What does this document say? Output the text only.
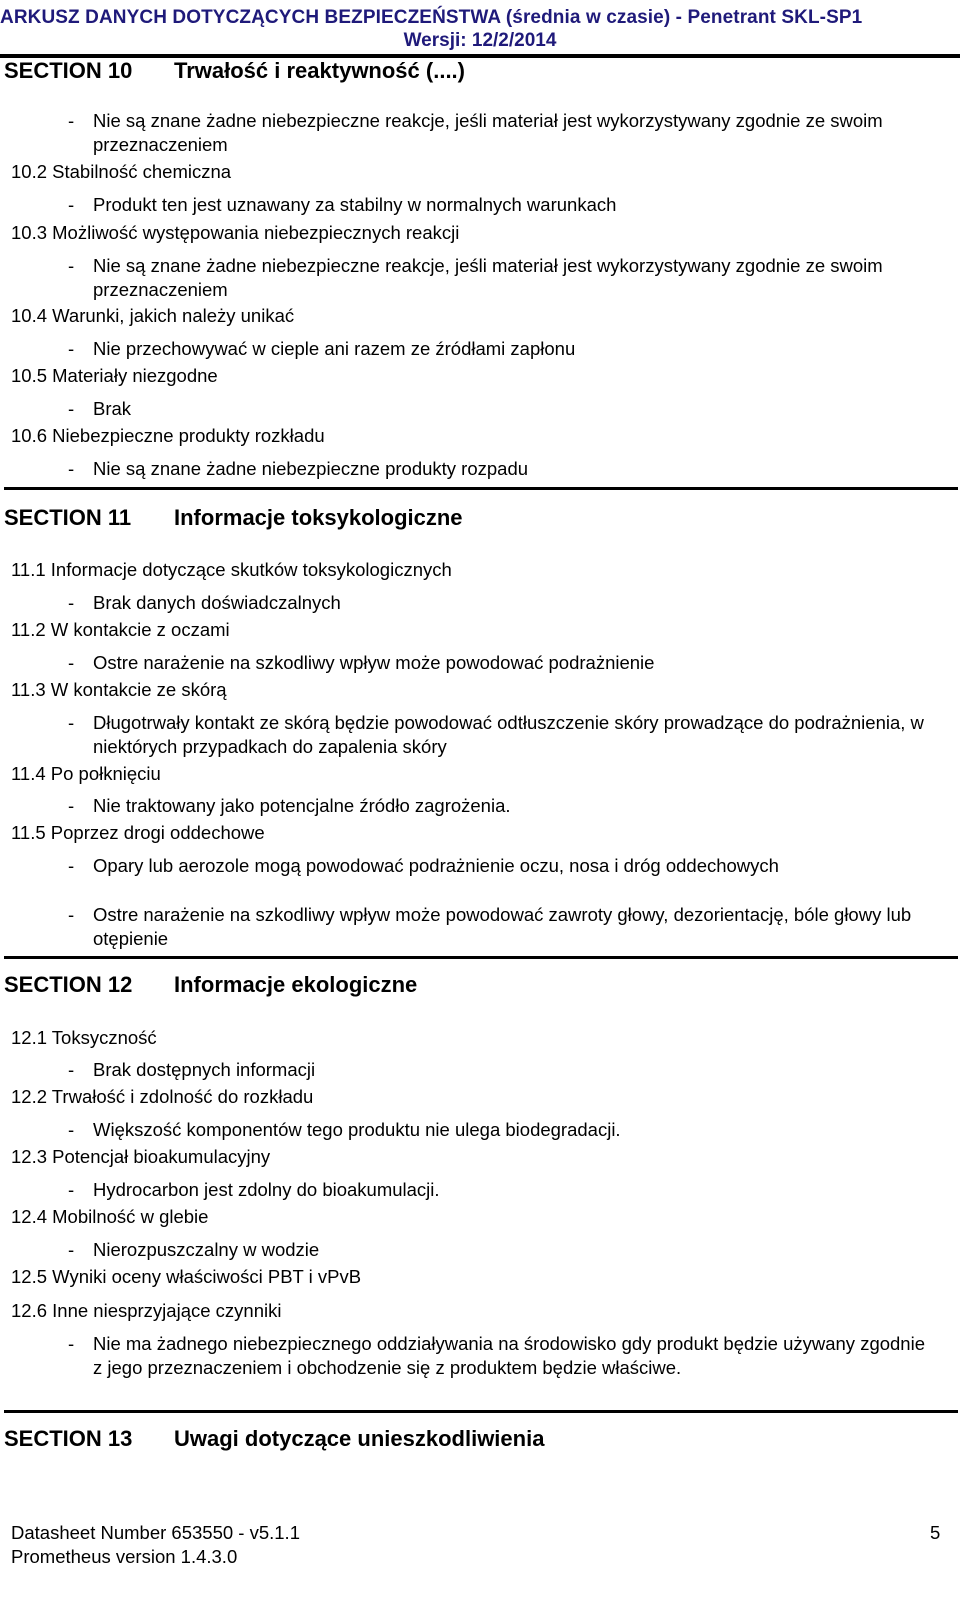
ARKUSZ DANYCH DOTYCZĄCYCH BEZPIECZEŃSTWA (średnia w czasie) - Penetrant SKL-SP1
Wersji: 12/2/2014
SECTION 10 Trwałość i reaktywność (....)
- Nie są znane żadne niebezpieczne reakcje, jeśli materiał jest wykorzystywany zgodnie ze swoim przeznaczeniem
10.2 Stabilność chemiczna
- Produkt ten jest uznawany za stabilny w normalnych warunkach
10.3 Możliwość występowania niebezpiecznych reakcji
- Nie są znane żadne niebezpieczne reakcje, jeśli materiał jest wykorzystywany zgodnie ze swoim przeznaczeniem
10.4 Warunki, jakich należy unikać
- Nie przechowywać w cieple ani razem ze źródłami zapłonu
10.5 Materiały niezgodne
- Brak
10.6 Niebezpieczne produkty rozkładu
- Nie są znane żadne niebezpieczne produkty rozpadu
SECTION 11 Informacje toksykologiczne
11.1 Informacje dotyczące skutków toksykologicznych
- Brak danych doświadczalnych
11.2 W kontakcie z oczami
- Ostre narażenie na szkodliwy wpływ może powodować podrażnienie
11.3 W kontakcie ze skórą
- Długotrwały kontakt ze skórą będzie powodować odtłuszczenie skóry prowadzące do podrażnienia, w niektórych przypadkach do zapalenia skóry
11.4 Po połknięciu
- Nie traktowany jako potencjalne źródło zagrożenia.
11.5 Poprzez drogi oddechowe
- Opary lub aerozole mogą powodować podrażnienie oczu, nosa i dróg oddechowych
- Ostre narażenie na szkodliwy wpływ może powodować zawroty głowy, dezorientację, bóle głowy lub otępienie
SECTION 12 Informacje ekologiczne
12.1 Toksyczność
- Brak dostępnych informacji
12.2 Trwałość i zdolność do rozkładu
- Większość komponentów tego produktu nie ulega biodegradacji.
12.3 Potencjał bioakumulacyjny
- Hydrocarbon jest zdolny do bioakumulacji.
12.4 Mobilność w glebie
- Nierozpuszczalny w wodzie
12.5 Wyniki oceny właściwości PBT i vPvB
12.6 Inne niesprzyjające czynniki
- Nie ma żadnego niebezpiecznego oddziaływania na środowisko gdy produkt będzie używany zgodnie z jego przeznaczeniem i obchodzenie się z produktem będzie właściwe.
SECTION 13 Uwagi dotyczące unieszkodliwienia
Datasheet Number 653550 - v5.1.1
Prometheus version 1.4.3.0
5
